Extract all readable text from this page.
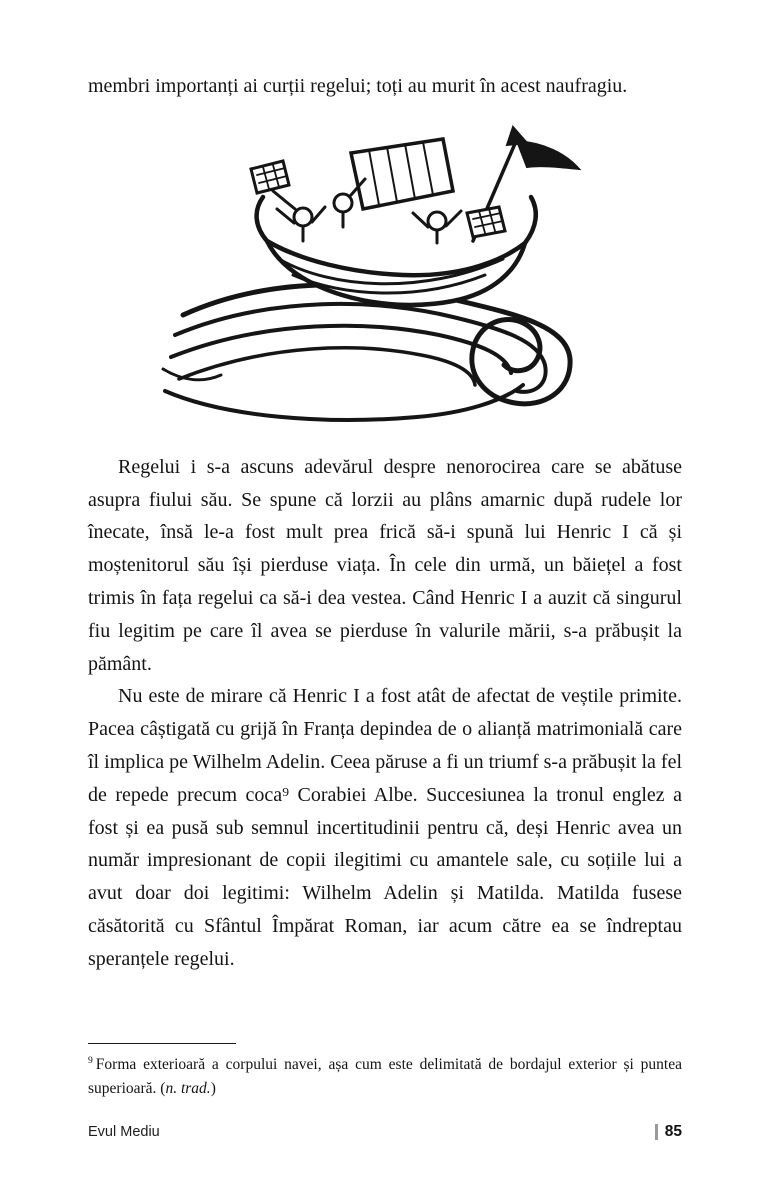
membri importanți ai curții regelui; toți au murit în acest naufragiu.

Regelui i s-a ascuns adevărul despre nenorocirea care se abătuse asupra fiului său. Se spune că lorzii au plâns amarnic după rudele lor înecate, însă le-a fost mult prea frică să-i spună lui Henric I că și moștenitorul său își pierduse viața. În cele din urmă, un băiețel a fost trimis în fața regelui ca să-i dea vestea. Când Henric I a auzit că singurul fiu legitim pe care îl avea se pierduse în valurile mării, s-a prăbușit la pământ.

Nu este de mirare că Henric I a fost atât de afectat de veștile primite. Pacea câștigată cu grijă în Franța depindea de o alianță matrimonială care îl implica pe Wilhelm Adelin. Ceea păruse a fi un triumf s-a prăbușit la fel de repede precum coca⁹ Corabiei Albe. Succesiunea la tronul englez a fost și ea pusă sub semnul incertitudinii pentru că, deși Henric avea un număr impresionant de copii ilegitimi cu amantele sale, cu soțiile lui a avut doar doi legitimi: Wilhelm Adelin și Matilda. Matilda fusese căsătorită cu Sfântul Împărat Roman, iar acum către ea se îndreptau speranțele regelui.

$^9$ Forma exterioară a corpului navei, așa cum este delimitată de bordajul exterior și puntea superioară. (n. trad.)

Evul Mediu	85
